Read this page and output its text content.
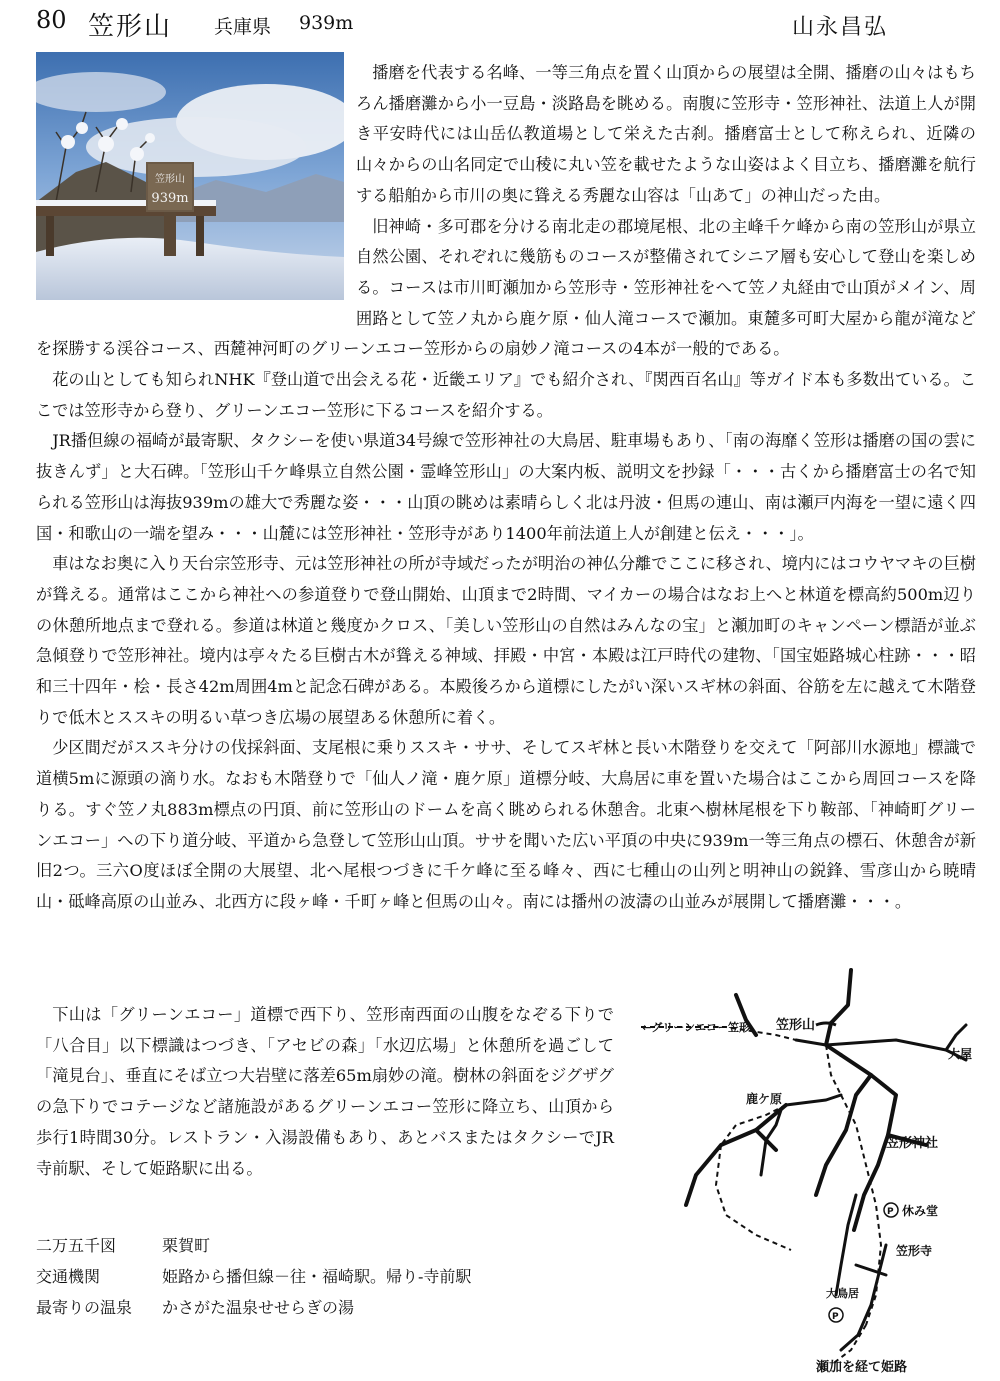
80 笠形山 兵庫県 939m	山永昌弘
笠形山
939m

播磨を代表する名峰、一等三角点を置く山頂からの展望は全開、播磨の山々はもちろん播磨灘から小一豆島・淡路島を眺める。南腹に笠形寺・笠形神社、法道上人が開き平安時代には山岳仏教道場として栄えた古刹。播磨富士として称えられ、近隣の山々からの山名同定で山稜に丸い笠を載せたような山姿はよく目立ち、播磨灘を航行する船舶から市川の奥に聳える秀麗な山容は「山あて」の神山だった由。

旧神崎・多可郡を分ける南北走の郡境尾根、北の主峰千ケ峰から南の笠形山が県立自然公園、それぞれに幾筋ものコースが整備されてシニア層も安心して登山を楽しめる。コースは市川町瀬加から笠形寺・笠形神社をへて笠ノ丸経由で山頂がメイン、周囲路として笠ノ丸から鹿ケ原・仙人滝コースで瀬加。東麓多可町大屋から龍が滝などを探勝する渓谷コース、西麓神河町のグリーンエコー笠形からの扇妙ノ滝コースの4本が一般的である。

花の山としても知られNHK『登山道で出会える花・近畿エリア』でも紹介され、『関西百名山』等ガイド本も多数出ている。ここでは笠形寺から登り、グリーンエコー笠形に下るコースを紹介する。

JR播但線の福崎が最寄駅、タクシーを使い県道34号線で笠形神社の大鳥居、駐車場もあり、「南の海靡く笠形は播磨の国の雲に抜きんず」と大石碑。「笠形山千ケ峰県立自然公園・霊峰笠形山」の大案内板、説明文を抄録「・・・古くから播磨富士の名で知られる笠形山は海抜939mの雄大で秀麗な姿・・・山頂の眺めは素晴らしく北は丹波・但馬の連山、南は瀬戸内海を一望に遠く四国・和歌山の一端を望み・・・山麓には笠形神社・笠形寺があり1400年前法道上人が創建と伝え・・・」。

車はなお奥に入り天台宗笠形寺、元は笠形神社の所が寺域だったが明治の神仏分離でここに移され、境内にはコウヤマキの巨樹が聳える。通常はここから神社への参道登りで登山開始、山頂まで2時間、マイカーの場合はなお上へと林道を標高約500m辺りの休憩所地点まで登れる。参道は林道と幾度かクロス、「美しい笠形山の自然はみんなの宝」と瀬加町のキャンペーン標語が並ぶ急傾登りで笠形神社。境内は亭々たる巨樹古木が聳える神域、拝殿・中宮・本殿は江戸時代の建物、「国宝姫路城心柱跡・・・昭和三十四年・桧・長さ42m周囲4mと記念石碑がある。本殿後ろから道標にしたがい深いスギ林の斜面、谷筋を左に越えて木階登りで低木とススキの明るい草つき広場の展望ある休憩所に着く。

少区間だがススキ分けの伐採斜面、支尾根に乗りススキ・ササ、そしてスギ林と長い木階登りを交えて「阿部川水源地」標識で道横5mに源頭の滴り水。なおも木階登りで「仙人ノ滝・鹿ケ原」道標分岐、大鳥居に車を置いた場合はここから周回コースを降りる。すぐ笠ノ丸883m標点の円頂、前に笠形山のドームを高く眺められる休憩舎。北東へ樹林尾根を下り鞍部、「神崎町グリーンエコー」への下り道分岐、平道から急登して笠形山山頂。ササを聞いた広い平頂の中央に939m一等三角点の標石、休憩舎が新旧2つ。三六O度ほぼ全開の大展望、北へ尾根つづきに千ケ峰に至る峰々、西に七種山の山列と明神山の鋭鋒、雪彦山から暁晴山・砥峰高原の山並み、北西方に段ヶ峰・千町ヶ峰と但馬の山々。南には播州の波濤の山並みが展開して播磨灘・・・。

下山は「グリーンエコー」道標で西下り、笠形南西面の山腹をなぞる下りで「八合目」以下標識はつづき、「アセビの森」「水辺広場」と休憩所を過ごして「滝見台」、垂直にそば立つ大岩壁に落差65m扇妙の滝。樹林の斜面をジグザグの急下りでコテージなど諸施設があるグリーンエコー笠形に降立ち、山頂から歩行1時間30分。レストラン・入湯設備もあり、あとバスまたはタクシーでJR寺前駅、そして姫路駅に出る。

二万五千図	栗賀町
交通機関	姫路から播但線－往・福崎駅。帰り-寺前駅
最寄りの温泉	かさがた温泉せせらぎの湯
P
P
←グリーンエコー笠形 笠形山
大屋
鹿ケ原
笠形神社
休み堂
笠形寺
大鳥居
瀬加を経て姫路
